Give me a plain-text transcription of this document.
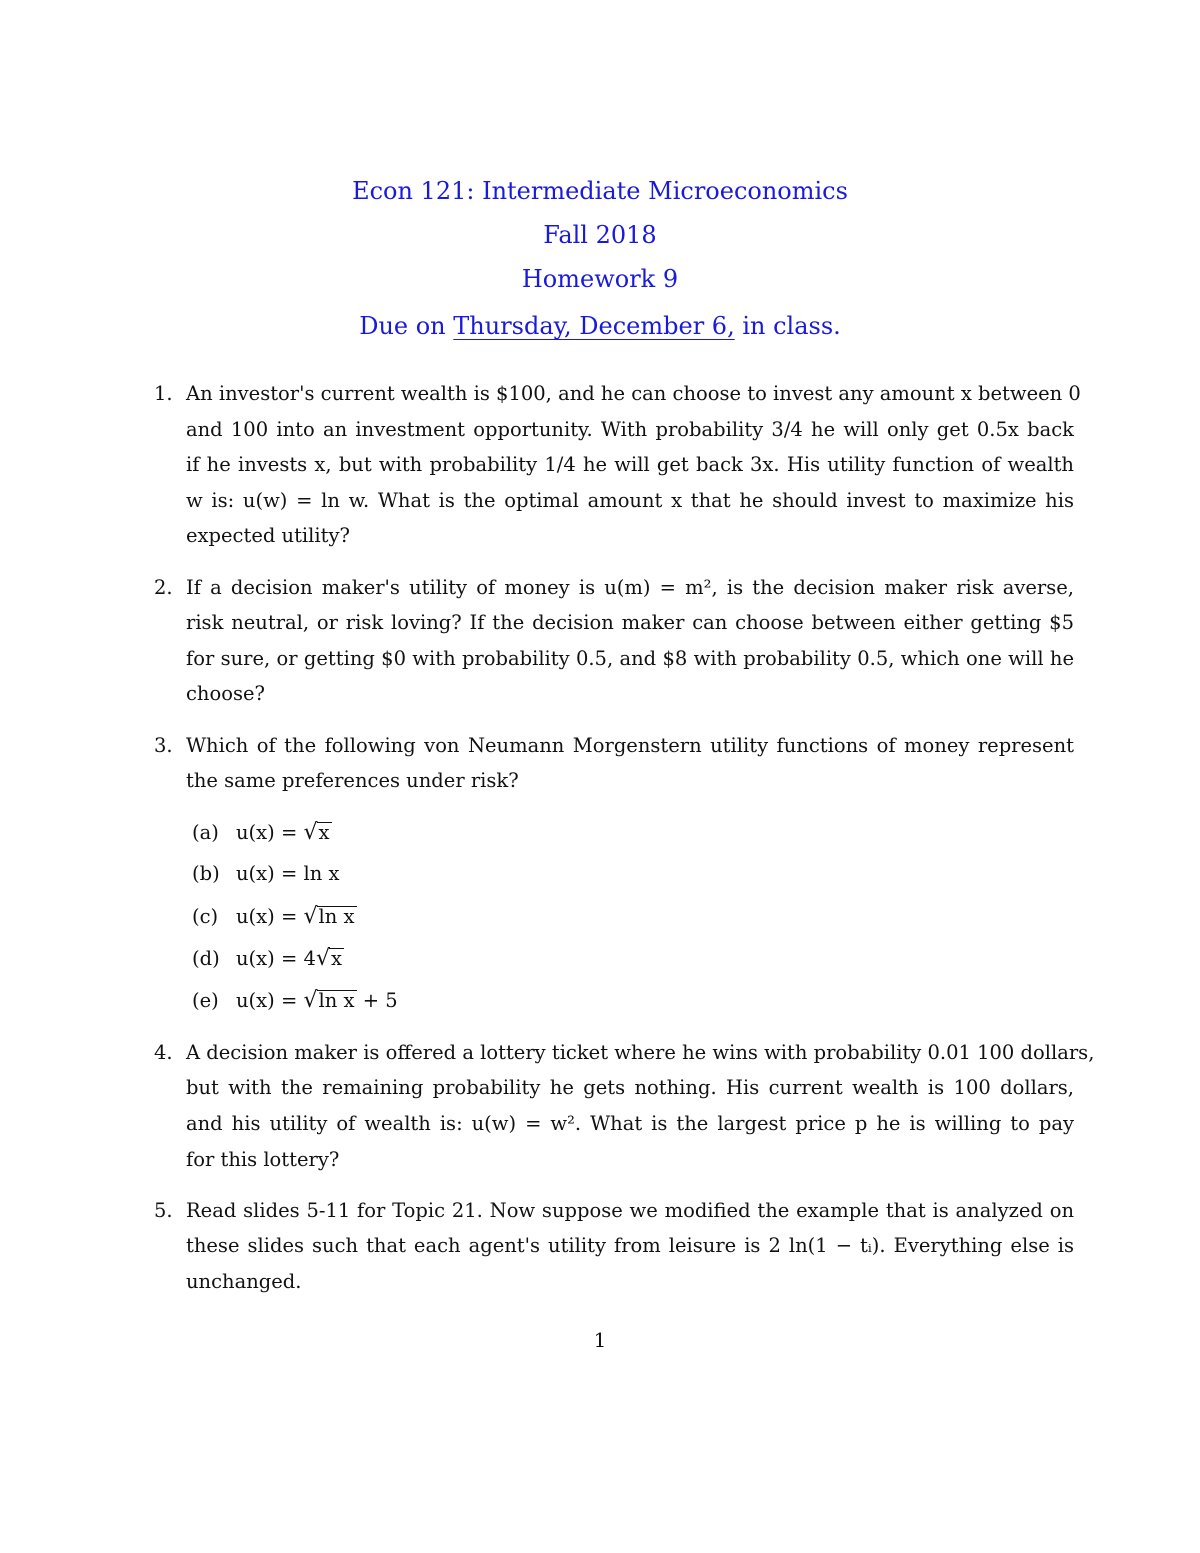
Econ 121: Intermediate Microeconomics
Fall 2018
Homework 9
Due on Thursday, December 6, in class.
1. An investor's current wealth is $100, and he can choose to invest any amount x between 0
and 100 into an investment opportunity. With probability 3/4 he will only get 0.5x back
if he invests x, but with probability 1/4 he will get back 3x. His utility function of wealth
w is: u(w) = ln w. What is the optimal amount x that he should invest to maximize his
expected utility?
2. If a decision maker's utility of money is u(m) = m², is the decision maker risk averse,
risk neutral, or risk loving? If the decision maker can choose between either getting $5
for sure, or getting $0 with probability 0.5, and $8 with probability 0.5, which one will he
choose?
3. Which of the following von Neumann Morgenstern utility functions of money represent
the same preferences under risk?
(a) u(x) = √x
(b) u(x) = ln x
(c) u(x) = √ln x
(d) u(x) = 4√x
(e) u(x) = √ln x + 5
4. A decision maker is offered a lottery ticket where he wins with probability 0.01 100 dollars,
but with the remaining probability he gets nothing. His current wealth is 100 dollars,
and his utility of wealth is: u(w) = w². What is the largest price p he is willing to pay
for this lottery?
5. Read slides 5-11 for Topic 21. Now suppose we modified the example that is analyzed on
these slides such that each agent's utility from leisure is 2 ln(1 − tᵢ). Everything else is
unchanged.
1
